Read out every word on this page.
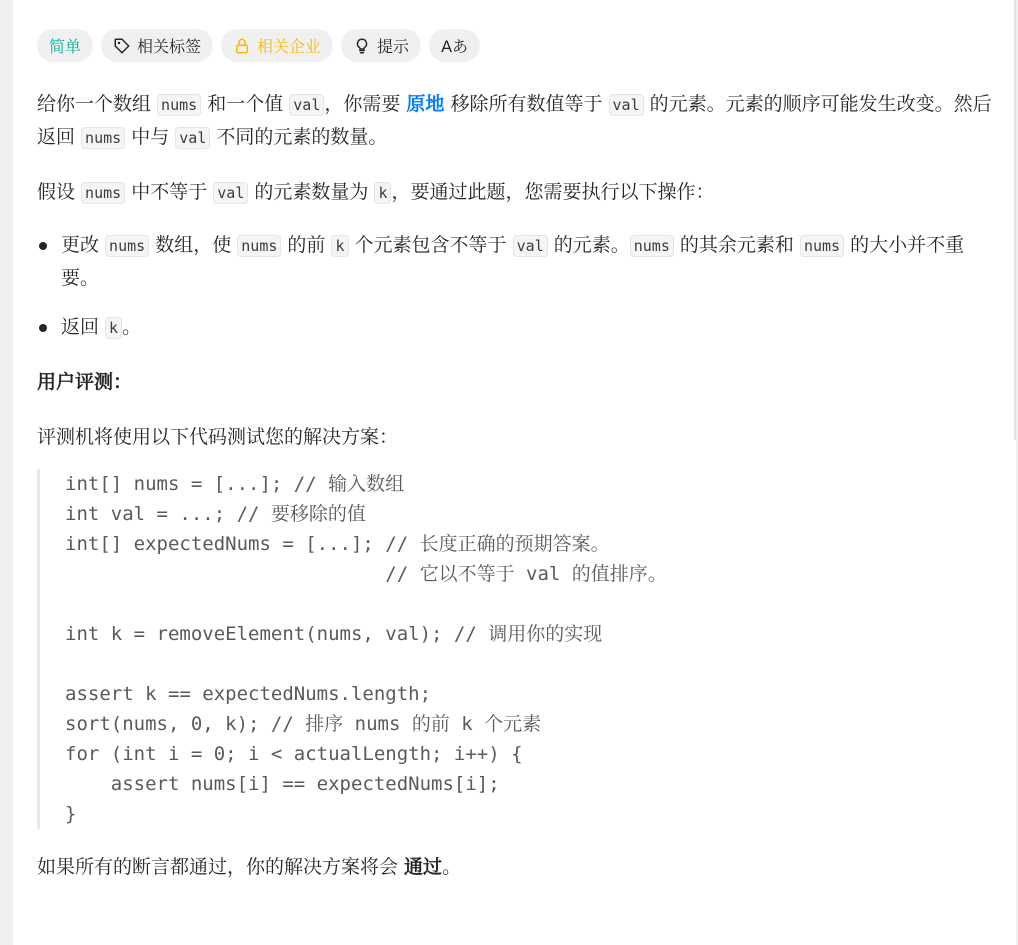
简单	相关标签	相关企业	提示 Aあ

给你一个数组 nums 和一个值 val ，你需要 原地 移除所有数值等于 val 的元素。元素的顺序可能发生改变。然后返回 nums 中与 val 不同的元素的数量。

假设 nums 中不等于 val 的元素数量为 k ，要通过此题，您需要执行以下操作：

更改 nums 数组，使 nums 的前 k 个元素包含不等于 val 的元素。 nums 的其余元素和 nums 的大小并不重要。
返回 k 。

用户评测：

评测机将使用以下代码测试您的解决方案：

int[] nums = [...]; // 输入数组
int val = ...; // 要移除的值
int[] expectedNums = [...]; // 长度正确的预期答案。
// 它以不等于 val 的值排序。

int k = removeElement(nums, val); // 调用你的实现

assert k == expectedNums.length;
sort(nums, 0, k); // 排序 nums 的前 k 个元素
for (int i = 0; i < actualLength; i++) {
assert nums[i] == expectedNums[i];
}

如果所有的断言都通过，你的解决方案将会 通过。
